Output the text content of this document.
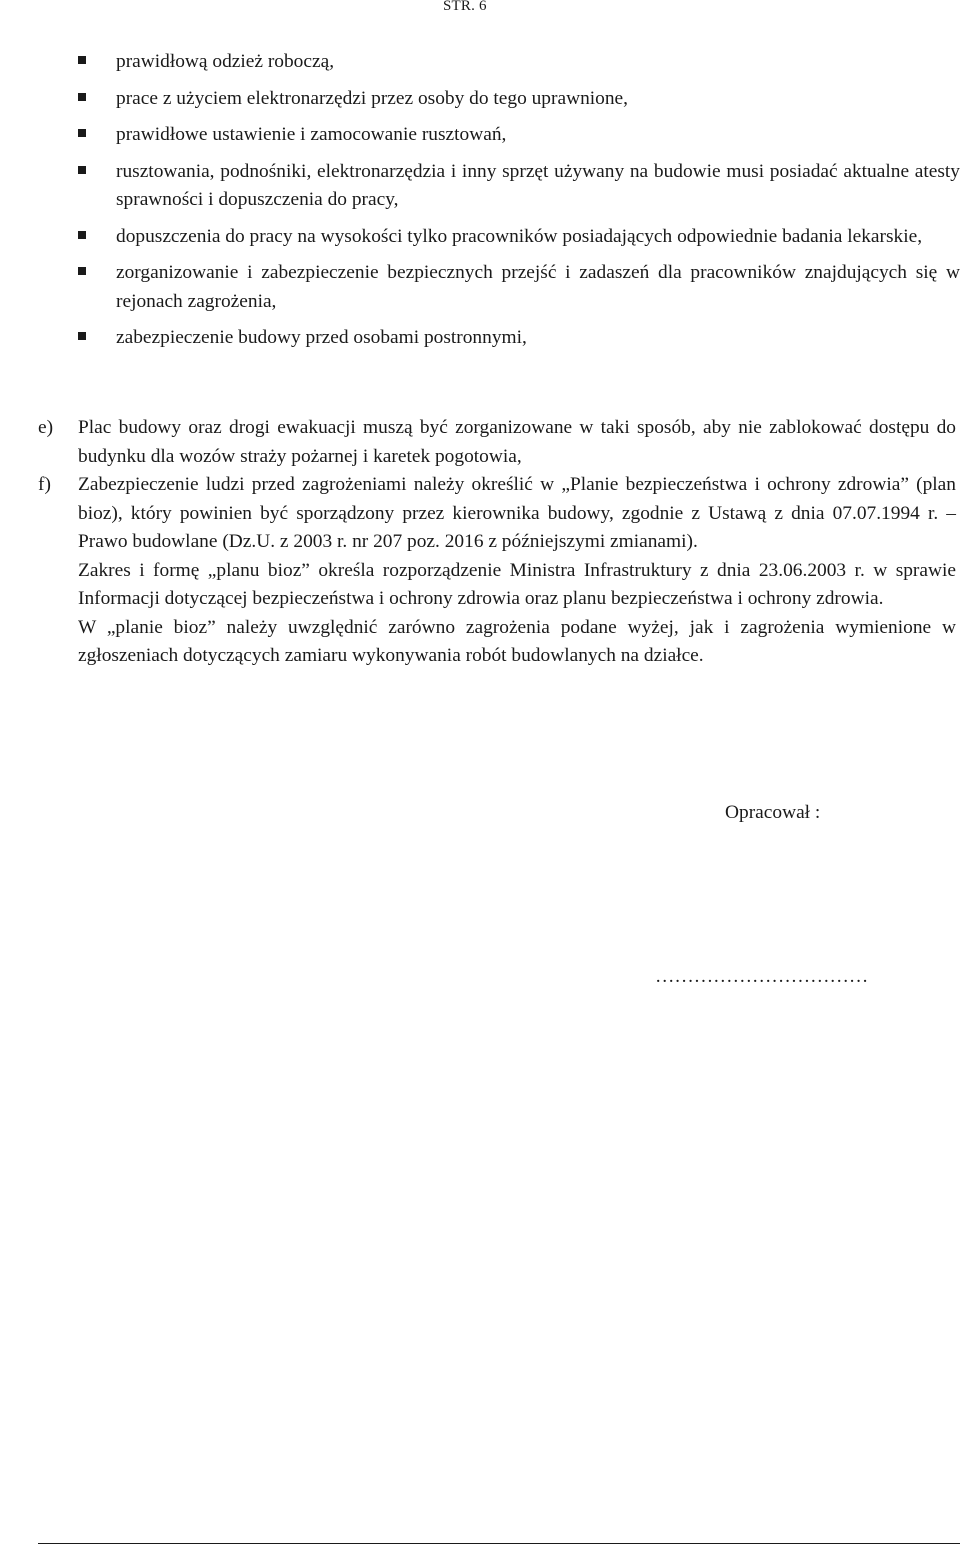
STR. 6
prawidłową odzież roboczą,
prace z użyciem elektronarzędzi przez osoby do tego uprawnione,
prawidłowe ustawienie i zamocowanie rusztowań,
rusztowania, podnośniki, elektronarzędzia i inny sprzęt używany na budowie musi posiadać aktualne atesty sprawności i dopuszczenia do pracy,
dopuszczenia do pracy na wysokości tylko pracowników posiadających odpowiednie badania lekarskie,
zorganizowanie i zabezpieczenie bezpiecznych przejść i zadaszeń dla pracowników znajdujących się w rejonach zagrożenia,
zabezpieczenie budowy przed osobami postronnymi,
e)	Plac budowy oraz drogi ewakuacji muszą być zorganizowane w taki sposób, aby nie zablokować dostępu do budynku dla wozów straży pożarnej i karetek pogotowia,
f)	Zabezpieczenie ludzi przed zagrożeniami należy określić w „Planie bezpieczeństwa i ochrony zdrowia” (plan bioz), który powinien być sporządzony przez kierownika budowy, zgodnie z Ustawą z dnia 07.07.1994 r. – Prawo budowlane (Dz.U. z 2003 r. nr 207 poz. 2016 z późniejszymi zmianami).
Zakres i formę „planu bioz” określa rozporządzenie Ministra Infrastruktury z dnia 23.06.2003 r. w sprawie Informacji dotyczącej bezpieczeństwa i ochrony zdrowia oraz planu bezpieczeństwa i ochrony zdrowia.
W „planie bioz” należy uwzględnić zarówno zagrożenia podane wyżej, jak i zagrożenia wymienione w zgłoszeniach dotyczących zamiaru wykonywania robót budowlanych na działce.
Opracował :
……………………………
